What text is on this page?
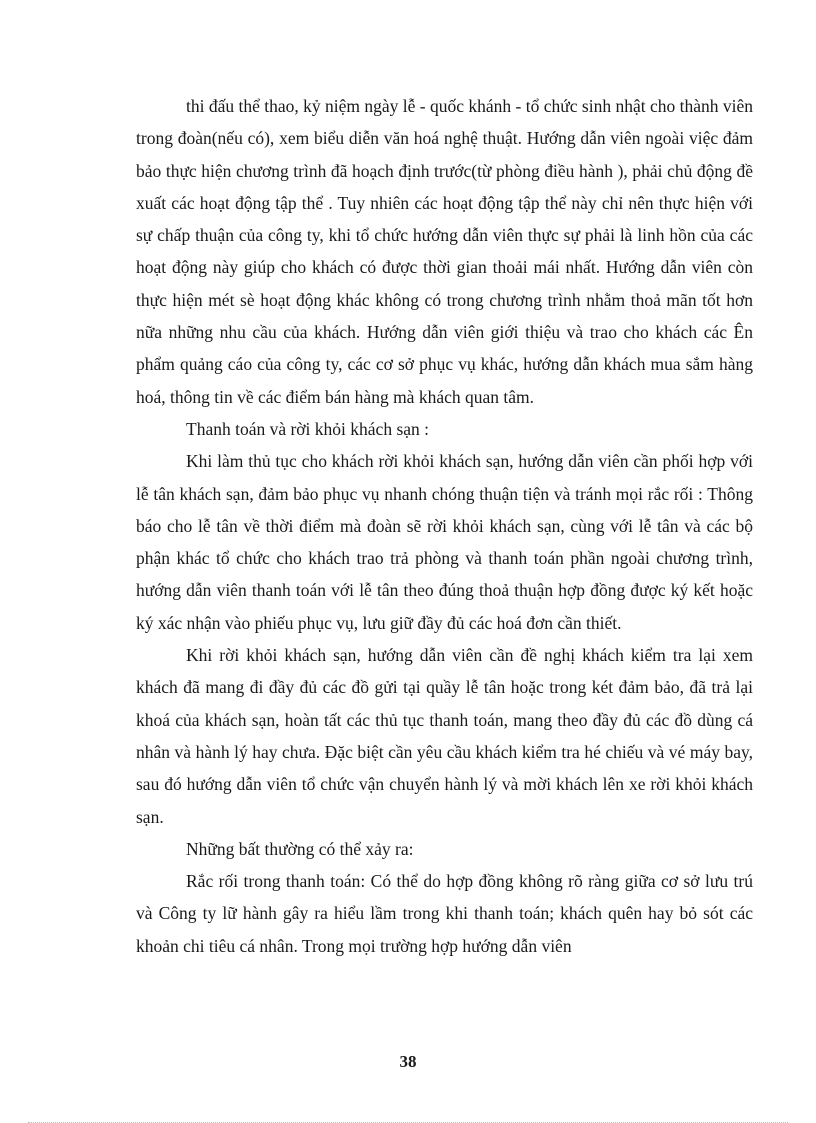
thi đấu thể thao, kỷ niệm ngày lễ - quốc khánh - tổ chức sinh nhật cho thành viên trong đoàn(nếu có), xem biểu diễn văn hoá nghệ thuật. Hướng dẫn viên ngoài việc đảm bảo thực hiện chương trình đã hoạch định trước(từ phòng điều hành ), phải chủ động đề xuất các hoạt động tập thể . Tuy nhiên các hoạt động tập thể này chỉ nên thực hiện với sự chấp thuận của công ty, khi tổ chức hướng dẫn viên thực sự phải là linh hồn của các hoạt động này giúp cho khách có được thời gian thoải mái nhất. Hướng dẫn viên còn thực hiện mét sè hoạt động khác không có trong chương trình nhằm thoả mãn tốt hơn nữa những nhu cầu của khách. Hướng dẫn viên giới thiệu và trao cho khách các Ên phẩm quảng cáo của công ty, các cơ sở phục vụ khác, hướng dẫn khách mua sắm hàng hoá, thông tin về các điểm bán hàng mà khách quan tâm.

Thanh toán và rời khỏi khách sạn :

Khi làm thủ tục cho khách rời khỏi khách sạn, hướng dẫn viên cần phối hợp với lễ tân khách sạn, đảm bảo phục vụ nhanh chóng thuận tiện và tránh mọi rắc rối : Thông báo cho lễ tân về thời điểm mà đoàn sẽ rời khỏi khách sạn, cùng với lễ tân và các bộ phận khác tổ chức cho khách trao trả phòng và thanh toán phần ngoài chương trình, hướng dẫn viên thanh toán với lễ tân theo đúng thoả thuận hợp đồng được ký kết hoặc ký xác nhận vào phiếu phục vụ, lưu giữ đầy đủ các hoá đơn cần thiết.

Khi rời khỏi khách sạn, hướng dẫn viên cần đề nghị khách kiểm tra lại xem khách đã mang đi đầy đủ các đồ gửi tại quầy lễ tân hoặc trong két đảm bảo, đã trả lại khoá của khách sạn, hoàn tất các thủ tục thanh toán, mang theo đầy đủ các đồ dùng cá nhân và hành lý hay chưa. Đặc biệt cần yêu cầu khách kiểm tra hé chiếu và vé máy bay, sau đó hướng dẫn viên tổ chức vận chuyển hành lý và mời khách lên xe rời khỏi khách sạn.

Những bất thường có thể xảy ra:

Rắc rối trong thanh toán: Có thể do hợp đồng không rõ ràng giữa cơ sở lưu trú và Công ty lữ hành gây ra hiểu lầm trong khi thanh toán; khách quên hay bỏ sót các khoản chi tiêu cá nhân. Trong mọi trường hợp hướng dẫn viên

38
